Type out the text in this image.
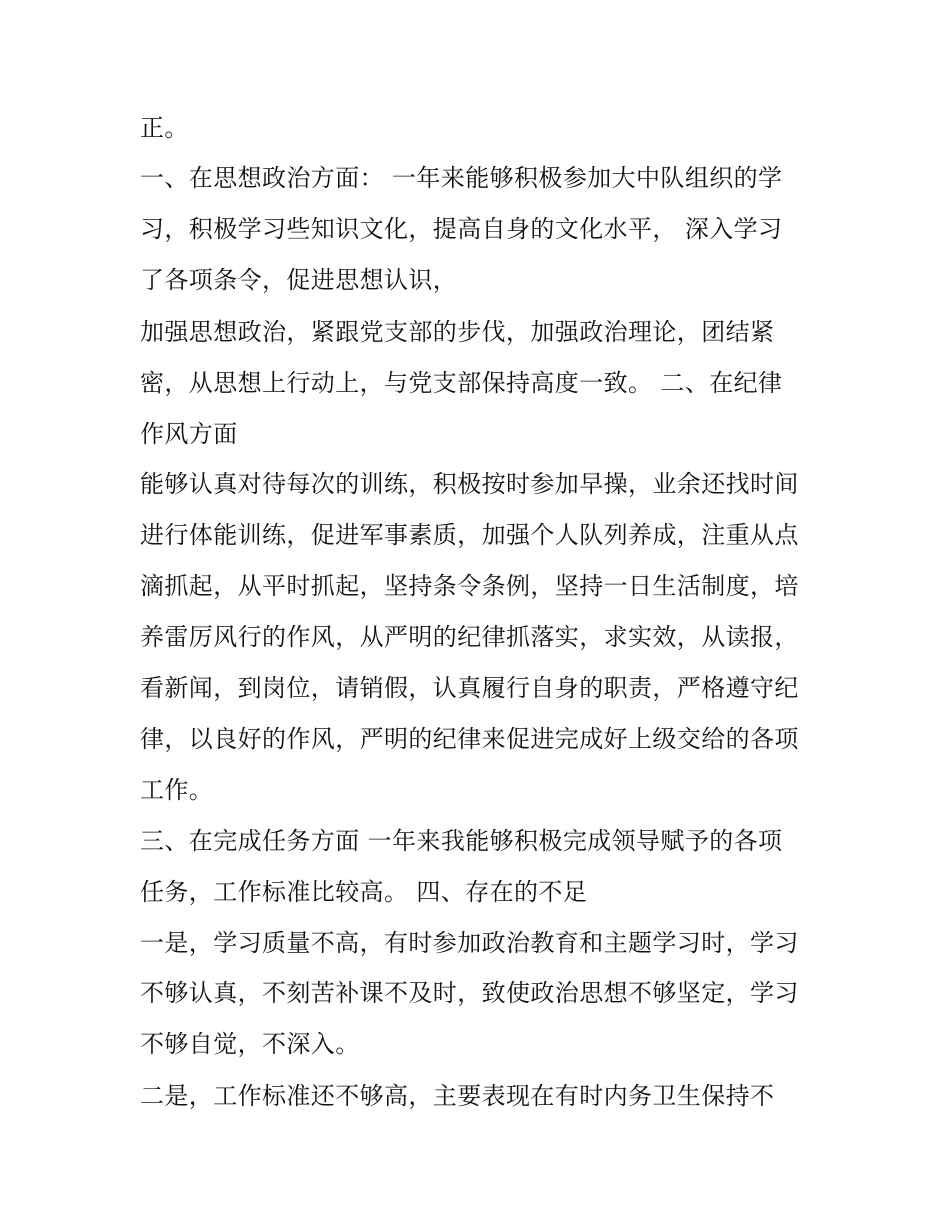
正。

一、在思想政治方面： 一年来能够积极参加大中队组织的学

习，积极学习些知识文化，提高自身的文化水平， 深入学习

了各项条令，促进思想认识，

加强思想政治，紧跟党支部的步伐，加强政治理论，团结紧

密，从思想上行动上，与党支部保持高度一致。 二、在纪律

作风方面

能够认真对待每次的训练，积极按时参加早操，业余还找时间

进行体能训练，促进军事素质，加强个人队列养成，注重从点

滴抓起，从平时抓起，坚持条令条例，坚持一日生活制度，培

养雷厉风行的作风，从严明的纪律抓落实，求实效，从读报，

看新闻，到岗位，请销假，认真履行自身的职责，严格遵守纪

律，以良好的作风，严明的纪律来促进完成好上级交给的各项

工作。

三、在完成任务方面 一年来我能够积极完成领导赋予的各项

任务，工作标准比较高。 四、存在的不足

一是，学习质量不高，有时参加政治教育和主题学习时，学习

不够认真，不刻苦补课不及时，致使政治思想不够坚定，学习

不够自觉，不深入。

二是，工作标准还不够高，主要表现在有时内务卫生保持不
